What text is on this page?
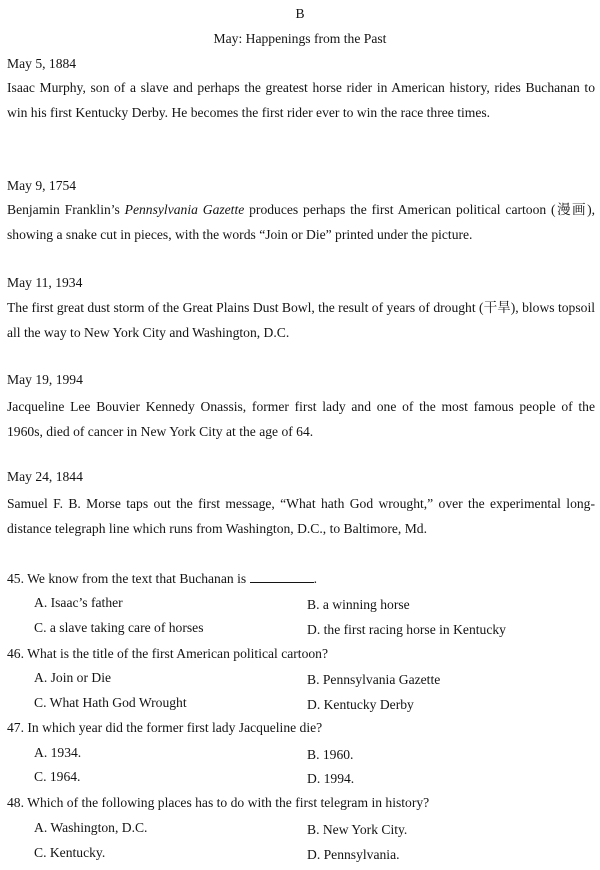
B
May: Happenings from the Past
May 5, 1884
Isaac Murphy, son of a slave and perhaps the greatest horse rider in American history, rides Buchanan to win his first Kentucky Derby. He becomes the first rider ever to win the race three times.
May 9, 1754
Benjamin Franklin’s Pennsylvania Gazette produces perhaps the first American political cartoon (漫画), showing a snake cut in pieces, with the words “Join or Die” printed under the picture.
May 11, 1934
The first great dust storm of the Great Plains Dust Bowl, the result of years of drought (干旱), blows topsoil all the way to New York City and Washington, D.C.
May 19, 1994
Jacqueline Lee Bouvier Kennedy Onassis, former first lady and one of the most famous people of the 1960s, died of cancer in New York City at the age of 64.
May 24, 1844
Samuel F. B. Morse taps out the first message, “What hath God wrought,” over the experimental long-distance telegraph line which runs from Washington, D.C., to Baltimore, Md.
45. We know from the text that Buchanan is	.
A. Isaac’s father	B. a winning horse
C. a slave taking care of horses	D. the first racing horse in Kentucky
46. What is the title of the first American political cartoon?
A. Join or Die	B. Pennsylvania Gazette
C. What Hath God Wrought	D. Kentucky Derby
47. In which year did the former first lady Jacqueline die?
A. 1934.	B. 1960.
C. 1964.	D. 1994.
48. Which of the following places has to do with the first telegram in history?
A. Washington, D.C.	B. New York City.
C. Kentucky.	D. Pennsylvania.
